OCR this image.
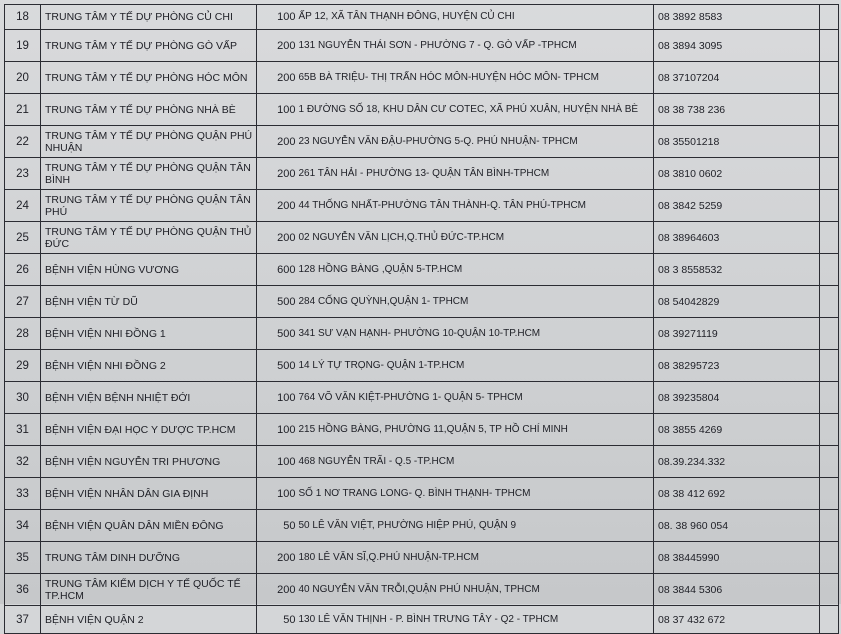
18	TRUNG TÂM Y TẾ DỰ PHÒNG CỦ CHI	100	ẤP 12, XÃ TÂN THẠNH ĐÔNG, HUYỆN CỦ CHI	08 3892 8583	
19	TRUNG TÂM Y TẾ DỰ PHÒNG GÒ VẤP	200	131 NGUYỄN THÁI SƠN - PHƯỜNG 7 - Q. GÒ VẤP -TPHCM	08 3894 3095	
20	TRUNG TÂM Y TẾ DỰ PHÒNG HÓC MÔN	200	65B BÀ TRIỆU- THỊ TRẤN HÓC MÔN-HUYỆN HÓC MÔN- TPHCM	08 37107204	
21	TRUNG TÂM Y TẾ DỰ PHÒNG NHÀ BÈ	100	1 ĐƯỜNG SỐ 18, KHU DÂN CƯ COTEC, XÃ PHÚ XUÂN, HUYỆN NHÀ BÈ	08 38 738 236	
22	TRUNG TÂM Y TẾ DỰ PHÒNG QUẬN PHÚ NHUẬN	200	23 NGUYỄN VĂN ĐẬU-PHƯỜNG 5-Q. PHÚ NHUẬN- TPHCM	08 35501218	
23	TRUNG TÂM Y TẾ DỰ PHÒNG QUẬN TÂN BÌNH	200	261 TÂN HẢI - PHƯỜNG 13- QUẬN TÂN BÌNH-TPHCM	08 3810 0602	
24	TRUNG TÂM Y TẾ DỰ PHÒNG QUẬN TÂN PHÚ	200	44 THỐNG NHẤT-PHƯỜNG TÂN THÀNH-Q. TÂN PHÚ-TPHCM	08 3842 5259	
25	TRUNG TÂM Y TẾ DỰ PHÒNG QUẬN THỦ ĐỨC	200	02 NGUYỄN VĂN LỊCH,Q.THỦ ĐỨC-TP.HCM	08 38964603	
26	BỆNH VIỆN HÙNG VƯƠNG	600	128 HỒNG BÀNG ,QUẬN 5-TP.HCM	08 3 8558532	
27	BỆNH VIỆN TỪ DŨ	500	284 CỐNG QUỲNH,QUẬN 1- TPHCM	08 54042829	
28	BỆNH VIỆN NHI ĐỒNG 1	500	341 SƯ VẠN HẠNH- PHƯỜNG 10-QUẬN 10-TP.HCM	08 39271119	
29	BỆNH VIỆN NHI ĐỒNG 2	500	14 LÝ TỰ TRỌNG- QUẬN 1-TP.HCM	08 38295723	
30	BỆNH VIỆN BỆNH NHIỆT ĐỚI	100	764 VÕ VĂN KIỆT-PHƯỜNG 1- QUẬN 5- TPHCM	08 39235804	
31	BỆNH VIỆN ĐẠI HỌC Y DƯỢC TP.HCM	100	215 HỒNG BÀNG, PHƯỜNG 11,QUẬN 5, TP HỒ CHÍ MINH	08 3855 4269	
32	BỆNH VIỆN NGUYỄN TRI PHƯƠNG	100	468 NGUYỄN TRÃI - Q.5 -TP.HCM	08.39.234.332	
33	BỆNH VIỆN NHÂN DÂN GIA ĐỊNH	100	SỐ 1 NƠ TRANG LONG- Q. BÌNH THẠNH- TPHCM	08 38 412 692	
34	BỆNH VIỆN QUÂN DÂN MIỀN ĐÔNG	50	50 LÊ VĂN VIỆT, PHƯỜNG HIỆP PHÚ, QUẬN 9	08. 38 960 054	
35	TRUNG TÂM DINH DƯỠNG	200	180 LÊ VĂN SĨ,Q.PHÚ NHUẬN-TP.HCM	08 38445990	
36	TRUNG TÂM KIỂM DỊCH Y TẾ QUỐC TẾ TP.HCM	200	40 NGUYỄN VĂN TRỖI,QUẬN PHÚ NHUẬN, TPHCM	08 3844 5306	
37	BỆNH VIỆN QUẬN 2	50	130 LÊ VĂN THỊNH - P. BÌNH TRƯNG TÂY - Q2 - TPHCM	08 37 432 672	
